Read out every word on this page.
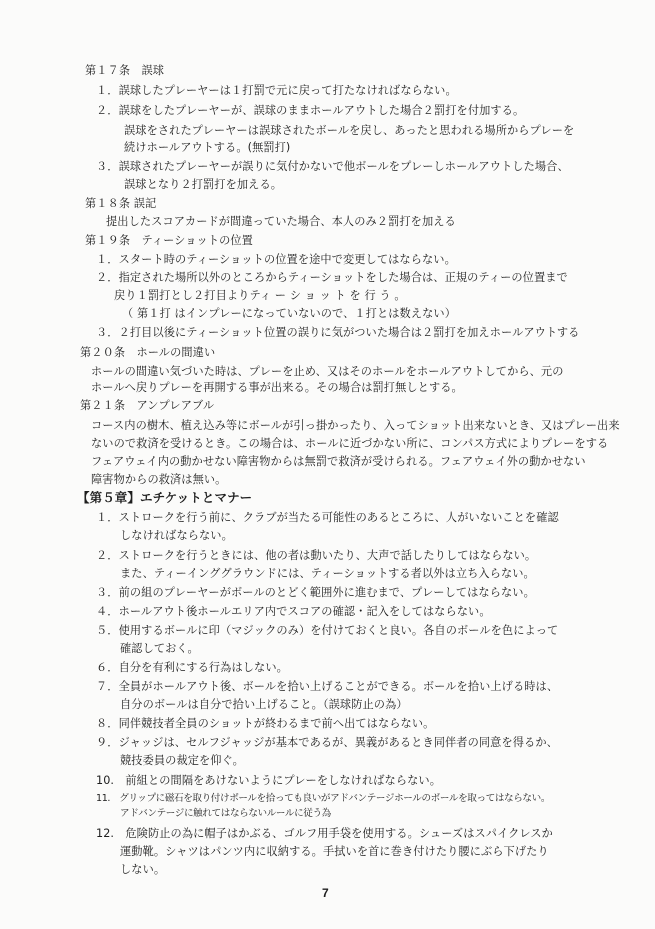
第１７条　誤球
１．誤球したプレーヤーは１打罰で元に戻って打たなければならない。
２．誤球をしたプレーヤーが、誤球のままホールアウトした場合２罰打を付加する。
誤球をされたプレーヤーは誤球されたボールを戻し、あったと思われる場所からプレーを
続けホールアウトする。(無罰打)
３．誤球されたプレーヤーが誤りに気付かないで他ボールをプレーしホールアウトした場合、
誤球となり２打罰打を加える。
第１８条 誤記
提出したスコアカードが間違っていた場合、本人のみ２罰打を加える
第１９条　ティーショットの位置
１．スタート時のティーショットの位置を途中で変更してはならない。
２．指定された場所以外のところからティーショットをした場合は、正規のティーの位置まで
戻り１罰打とし２打目よりティ ー シ ョ ッ ト を 行 う 。
（ 第１打 はインプレーになっていないので、１打とは数えない）
３．２打目以後にティーショット位置の誤りに気がついた場合は２罰打を加えホールアウトする
第２０条　ホールの間違い
ホールの間違い気づいた時は、プレーを止め、又はそのホールをホールアウトしてから、元の
ホールへ戻りプレーを再開する事が出来る。その場合は罰打無しとする。
第２１条　アンプレアブル
コース内の樹木、植え込み等にボールが引っ掛かったり、入ってショット出来ないとき、又はプレー出来
ないので救済を受けるとき。この場合は、ホールに近づかない所に、コンパス方式によりプレーをする
フェアウェイ内の動かせない障害物からは無罰で救済が受けられる。フェアウェイ外の動かせない
障害物からの救済は無い。
【第５章】エチケットとマナー
１．ストロークを行う前に、クラブが当たる可能性のあるところに、人がいないことを確認
しなければならない。
２．ストロークを行うときには、他の者は動いたり、大声で話したりしてはならない。
また、ティーインググラウンドには、ティーショットする者以外は立ち入らない。
３．前の組のプレーヤーがボールのとどく範囲外に進むまで、プレーしてはならない。
４．ホールアウト後ホールエリア内でスコアの確認・記入をしてはならない。
５．使用するボールに印（マジックのみ）を付けておくと良い。各自のボールを色によって
確認しておく。
６．自分を有利にする行為はしない。
７．全員がホールアウト後、ボールを拾い上げることができる。ボールを拾い上げる時は、
自分のボールは自分で拾い上げること。（誤球防止の為）
８．同伴競技者全員のショットが終わるまで前へ出てはならない。
９．ジャッジは、セルフジャッジが基本であるが、異義があるとき同伴者の同意を得るか、
競技委員の裁定を仰ぐ。
10.　前組との間隔をあけないようにプレーをしなければならない。
11.　グリップに磁石を取り付けボールを拾っても良いがアドバンテージホールのボールを取ってはならない。
アドバンテージに触れてはならないルールに従う為
12.　危険防止の為に帽子はかぶる、ゴルフ用手袋を使用する。シューズはスパイクレスか
運動靴。シャツはパンツ内に収納する。手拭いを首に巻き付けたり腰にぶら下げたり
しない。
7
